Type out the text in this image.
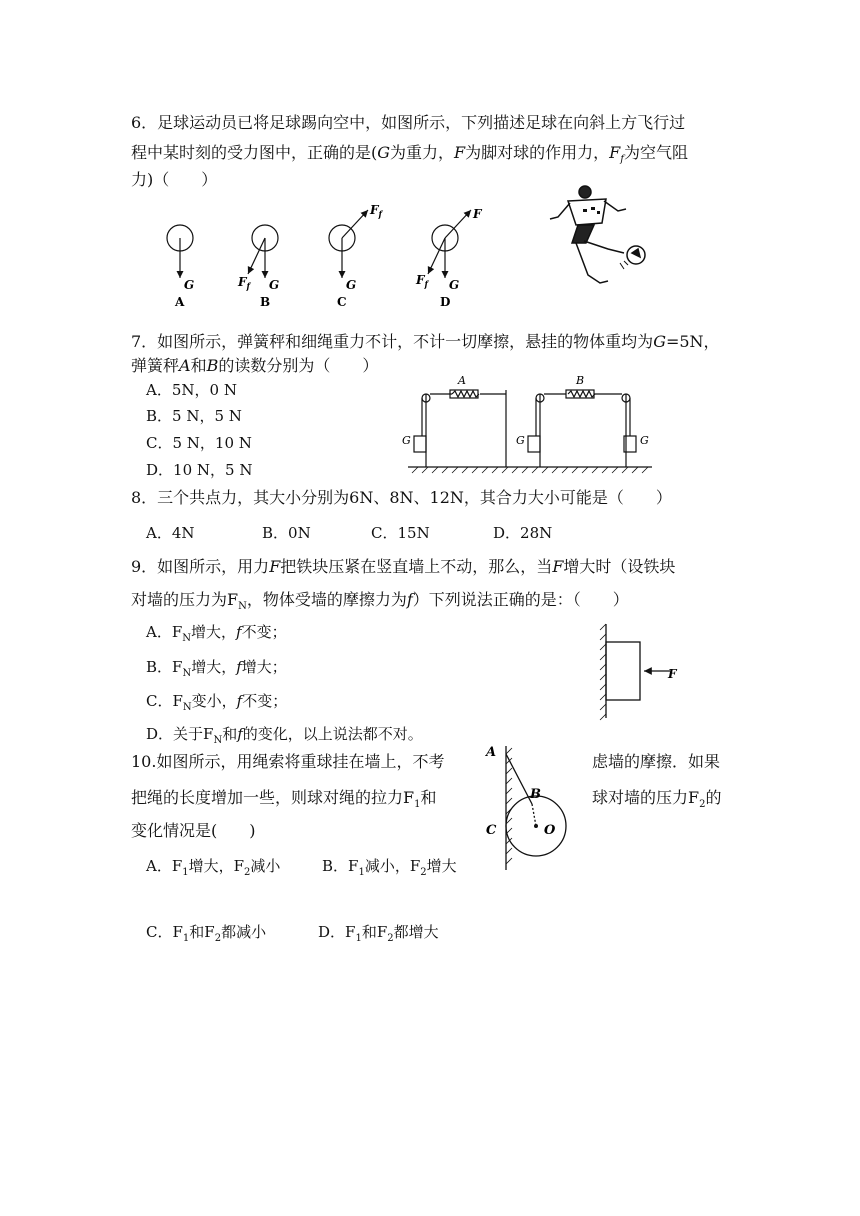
6．足球运动员已将足球踢向空中，如图所示，下列描述足球在向斜上方飞行过
程中某时刻的受力图中，正确的是(G为重力，F为脚对球的作用力，$F_f$为空气阻
力)（　　）
G
A
$F_f$ G
B
$F_f$
G
C
F
$F_f$ G
D
7．如图所示，弹簧秤和细绳重力不计，不计一切摩擦，悬挂的物体重均为G=5N，
弹簧秤A和B的读数分别为（　　）
A．5N，0 N
B．5 N，5 N
C．5 N，10 N
D．10 N，5 N
A	B
G	G	G
8．三个共点力，其大小分别为6N、8N、12N，其合力大小可能是（　　）
A．4N	B．0N	C．15N	D．28N
9．如图所示，用力F把铁块压紧在竖直墙上不动，那么，当F增大时（设铁块
对墙的压力为$F_N$，物体受墙的摩擦力为f）下列说法正确的是：（　　）
A．$F_N$增大，f不变；
B．$F_N$增大，f增大；
C．$F_N$变小，f不变；
D．关于$F_N$和f的变化，以上说法都不对。
F
10.如图所示，用绳索将重球挂在墙上，不考	虑墙的摩擦．如果
把绳的长度增加一些，则球对绳的拉力$F_1$和	球对墙的压力$F_2$的
变化情况是(　　)
A．$F_1$增大，$F_2$减小	B．$F_1$减小，$F_2$增大
C．$F_1$和$F_2$都减小	D．$F_1$和$F_2$都增大
A
B
C	O
